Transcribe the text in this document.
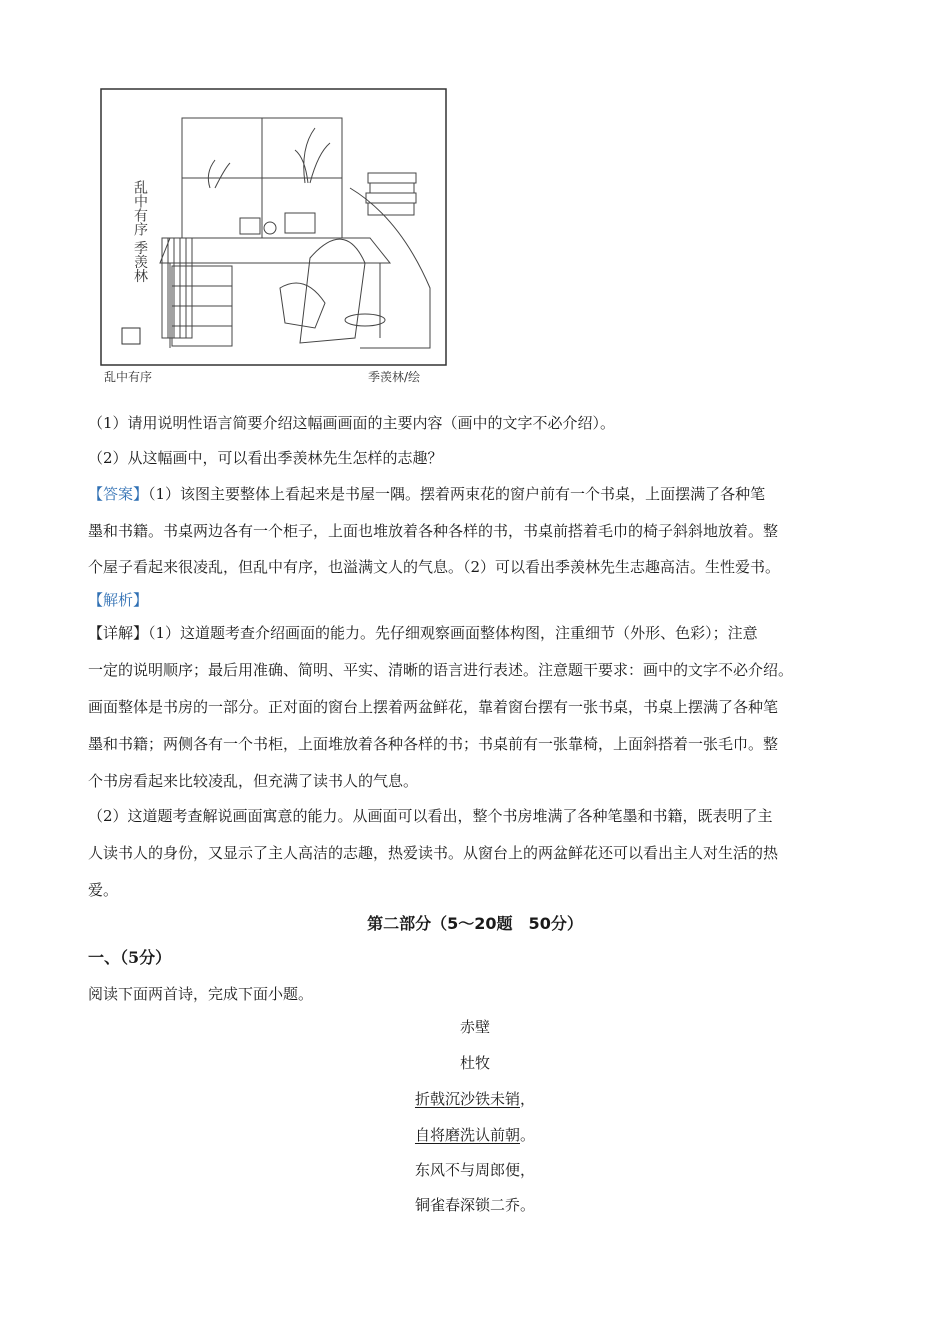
乱中有序 季羡林
乱中有序	季羡林/绘
（1）请用说明性语言简要介绍这幅画画面的主要内容（画中的文字不必介绍）。
（2）从这幅画中，可以看出季羡林先生怎样的志趣？
【答案】（1）该图主要整体上看起来是书屋一隅。摆着两束花的窗户前有一个书桌，上面摆满了各种笔
墨和书籍。书桌两边各有一个柜子，上面也堆放着各种各样的书，书桌前搭着毛巾的椅子斜斜地放着。整
个屋子看起来很凌乱，但乱中有序，也溢满文人的气息。（2）可以看出季羡林先生志趣高洁。生性爱书。
【解析】
【详解】（1）这道题考查介绍画面的能力。先仔细观察画面整体构图，注重细节（外形、色彩）；注意
一定的说明顺序；最后用准确、简明、平实、清晰的语言进行表述。注意题干要求：画中的文字不必介绍。
画面整体是书房的一部分。正对面的窗台上摆着两盆鲜花，靠着窗台摆有一张书桌，书桌上摆满了各种笔
墨和书籍；两侧各有一个书柜，上面堆放着各种各样的书；书桌前有一张靠椅，上面斜搭着一张毛巾。整
个书房看起来比较凌乱，但充满了读书人的气息。
（2）这道题考查解说画面寓意的能力。从画面可以看出，整个书房堆满了各种笔墨和书籍，既表明了主
人读书人的身份，又显示了主人高洁的志趣，热爱读书。从窗台上的两盆鲜花还可以看出主人对生活的热
爱。
第二部分（5～20题　50分）
一、（5分）
阅读下面两首诗，完成下面小题。
赤壁
杜牧
折戟沉沙铁未销，
自将磨洗认前朝。
东风不与周郎便，
铜雀春深锁二乔。
